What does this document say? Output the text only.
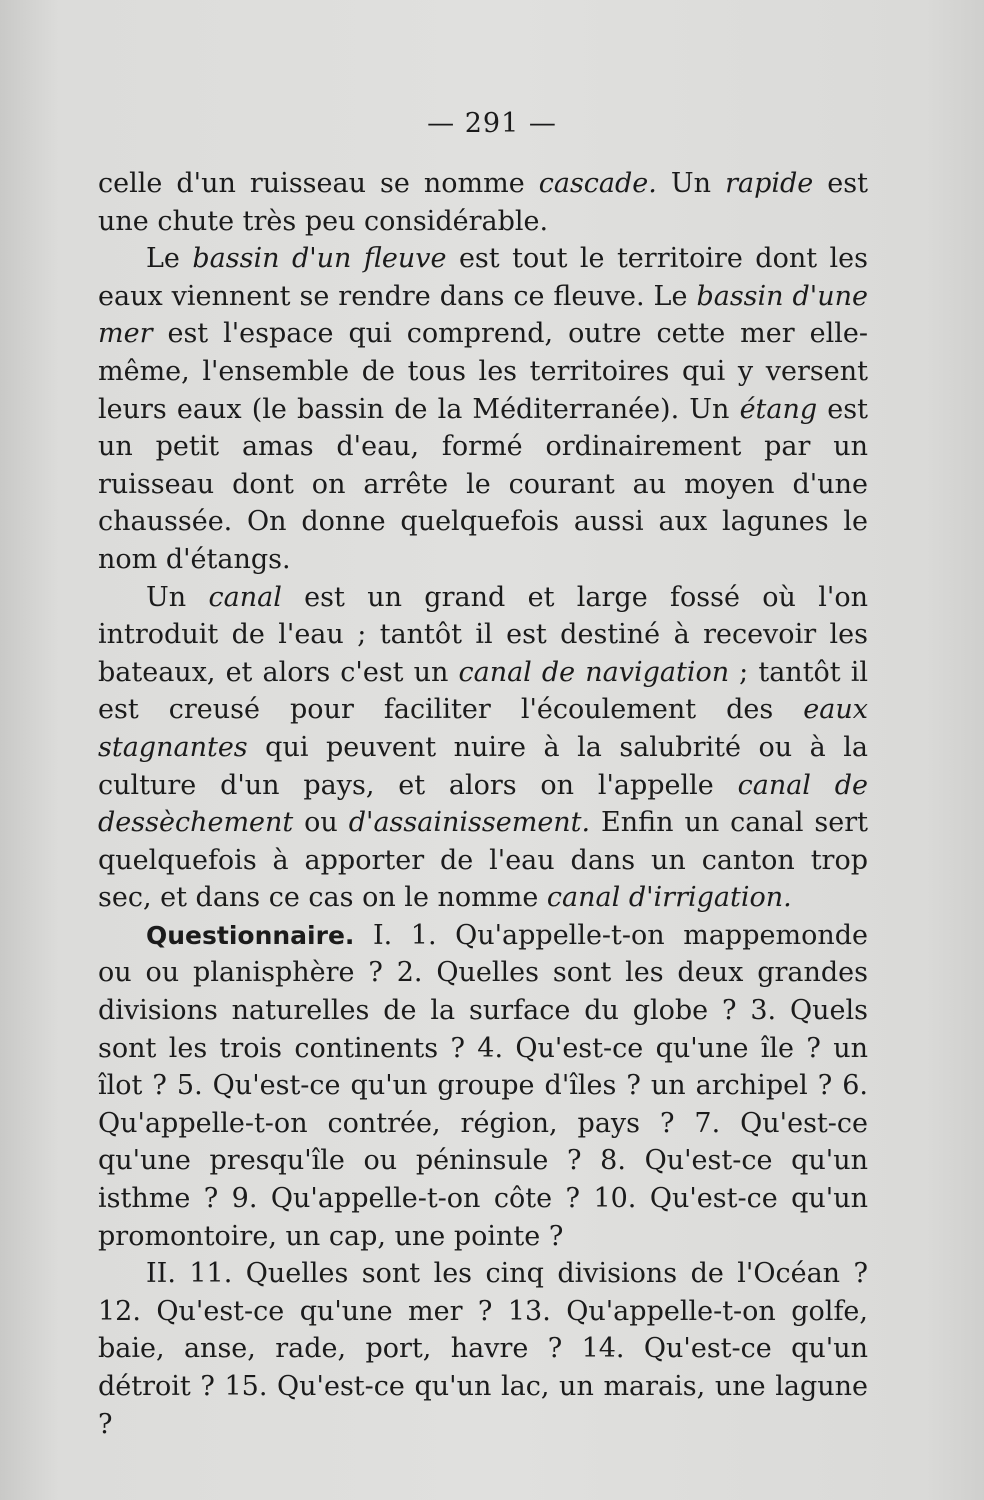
— 291 —

celle d'un ruisseau se nomme cascade. Un rapide est une chute très peu considérable.

Le bassin d'un fleuve est tout le territoire dont les eaux viennent se rendre dans ce fleuve. Le bassin d'une mer est l'espace qui comprend, outre cette mer elle-même, l'ensemble de tous les territoires qui y versent leurs eaux (le bassin de la Méditerranée). Un étang est un petit amas d'eau, formé ordinairement par un ruisseau dont on arrête le courant au moyen d'une chaussée. On donne quelquefois aussi aux lagunes le nom d'étangs.

Un canal est un grand et large fossé où l'on introduit de l'eau ; tantôt il est destiné à recevoir les bateaux, et alors c'est un canal de navigation ; tantôt il est creusé pour faciliter l'écoulement des eaux stagnantes qui peuvent nuire à la salubrité ou à la culture d'un pays, et alors on l'appelle canal de dessèchement ou d'assainissement. Enfin un canal sert quelquefois à apporter de l'eau dans un canton trop sec, et dans ce cas on le nomme canal d'irrigation.

Questionnaire. I. 1. Qu'appelle-t-on mappemonde ou ou planisphère ? 2. Quelles sont les deux grandes divisions naturelles de la surface du globe ? 3. Quels sont les trois continents ? 4. Qu'est-ce qu'une île ? un îlot ? 5. Qu'est-ce qu'un groupe d'îles ? un archipel ? 6. Qu'appelle-t-on contrée, région, pays ? 7. Qu'est-ce qu'une presqu'île ou péninsule ? 8. Qu'est-ce qu'un isthme ? 9. Qu'appelle-t-on côte ? 10. Qu'est-ce qu'un promontoire, un cap, une pointe ?

II. 11. Quelles sont les cinq divisions de l'Océan ? 12. Qu'est-ce qu'une mer ? 13. Qu'appelle-t-on golfe, baie, anse, rade, port, havre ? 14. Qu'est-ce qu'un détroit ? 15. Qu'est-ce qu'un lac, un marais, une lagune ?
